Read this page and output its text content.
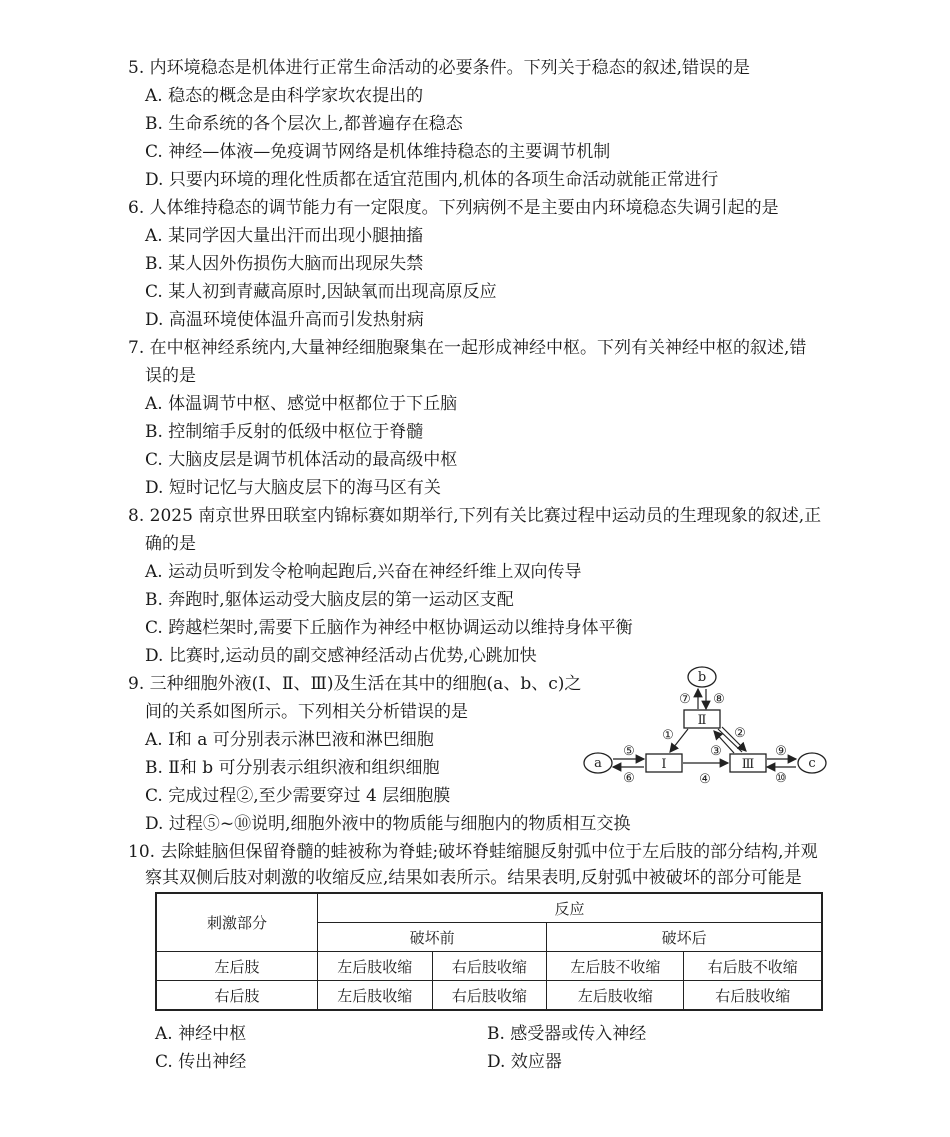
5. 内环境稳态是机体进行正常生命活动的必要条件。下列关于稳态的叙述,错误的是
A. 稳态的概念是由科学家坎农提出的
B. 生命系统的各个层次上,都普遍存在稳态
C. 神经—体液—免疫调节网络是机体维持稳态的主要调节机制
D. 只要内环境的理化性质都在适宜范围内,机体的各项生命活动就能正常进行
6. 人体维持稳态的调节能力有一定限度。下列病例不是主要由内环境稳态失调引起的是
A. 某同学因大量出汗而出现小腿抽搐
B. 某人因外伤损伤大脑而出现尿失禁
C. 某人初到青藏高原时,因缺氧而出现高原反应
D. 高温环境使体温升高而引发热射病
7. 在中枢神经系统内,大量神经细胞聚集在一起形成神经中枢。下列有关神经中枢的叙述,错
误的是
A. 体温调节中枢、感觉中枢都位于下丘脑
B. 控制缩手反射的低级中枢位于脊髓
C. 大脑皮层是调节机体活动的最高级中枢
D. 短时记忆与大脑皮层下的海马区有关
8. 2025 南京世界田联室内锦标赛如期举行,下列有关比赛过程中运动员的生理现象的叙述,正
确的是
A. 运动员听到发令枪响起跑后,兴奋在神经纤维上双向传导
B. 奔跑时,躯体运动受大脑皮层的第一运动区支配
C. 跨越栏架时,需要下丘脑作为神经中枢协调运动以维持身体平衡
D. 比赛时,运动员的副交感神经活动占优势,心跳加快
9. 三种细胞外液(Ⅰ、Ⅱ、Ⅲ)及生活在其中的细胞(a、b、c)之
间的关系如图所示。下列相关分析错误的是
A. Ⅰ和 a 可分别表示淋巴液和淋巴细胞
B. Ⅱ和 b 可分别表示组织液和组织细胞
C. 完成过程②,至少需要穿过 4 层细胞膜
D. 过程⑤~⑩说明,细胞外液中的物质能与细胞内的物质相互交换
b
Ⅱ
a	Ⅰ	Ⅲ	c
⑦ ⑧
①	②
③
④
⑤
⑥
⑨
⑩
10. 去除蛙脑但保留脊髓的蛙被称为脊蛙;破坏脊蛙缩腿反射弧中位于左后肢的部分结构,并观
察其双侧后肢对刺激的收缩反应,结果如表所示。结果表明,反射弧中被破坏的部分可能是
刺激部分	反应			
	破坏前		破坏后	
左后肢	左后肢收缩	右后肢收缩	左后肢不收缩	右后肢不收缩
右后肢	左后肢收缩	右后肢收缩	左后肢收缩	右后肢收缩
A. 神经中枢	B. 感受器或传入神经
C. 传出神经	D. 效应器
